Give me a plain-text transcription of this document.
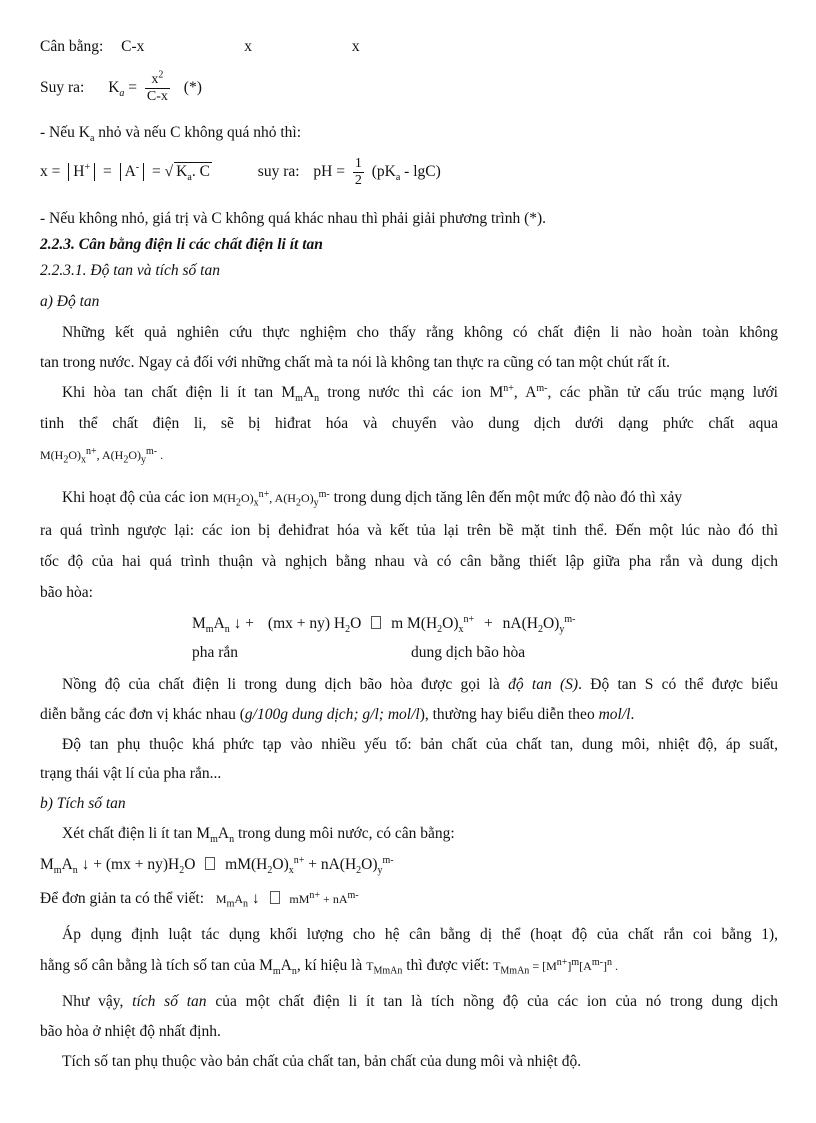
Cân bằng: C-x	x	x
Suy ra: $K_a = \frac{x^2}{C-x}$ (*)
- Nếu $K_a$ nhỏ và nếu C không quá nhỏ thì:
x = H+ = A- = √ $K_a$. C	suy ra: pH = $\frac{1}{2} (pK_a - \lg C)$
- Nếu không nhỏ, giá trị và C không quá khác nhau thì phải giải phương trình (*).
2.2.3. Cân bằng điện li các chất điện li ít tan
2.2.3.1. Độ tan và tích số tan
a) Độ tan
Những kết quả nghiên cứu thực nghiệm cho thấy rằng không có chất điện li nào hoàn toàn không
tan trong nước. Ngay cả đối với những chất mà ta nói là không tan thực ra cũng có tan một chút rất ít.
Khi hòa tan chất điện li ít $\tan M_mA_n$ trong nước thì các ion $M^{n+}$, $A^{m-}$, các phần tử cấu trúc mạng lưới
tinh thể chất điện li, sẽ bị hiđrat hóa và chuyển vào dung dịch dưới dạng phức chất aqua
$M(H_2O)_x^{n+}$, $A(H_2O)_y^{m-}$ .
Khi hoạt độ của các ion $M(H_2O)_x^{n+}$, $A(H_2O)_y^{m-}$ trong dung dịch tăng lên đến một mức độ nào đó thì xảy
ra quá trình ngược lại: các ion bị đehiđrat hóa và kết tủa lại trên bề mặt tinh thể. Đến một lúc nào đó thì
tốc độ của hai quá trình thuận và nghịch bằng nhau và có cân bằng thiết lập giữa pha rắn và dung dịch
bão hòa:
$M_mA_n$ ↓ + (mx + ny) $H_2O$ m $M(H_2O)_x^{n+} + nA(H_2O)_y^{m-}$
pha rắn	dung dịch bão hòa
Nồng độ của chất điện li trong dung dịch bão hòa được gọi là độ tan (S). Độ tan S có thể được biểu
diễn bằng các đơn vị khác nhau (g/100g dung dịch; g/l; mol/l), thường hay biểu diễn theo mol/l.
Độ tan phụ thuộc khá phức tạp vào nhiều yếu tố: bản chất của chất tan, dung môi, nhiệt độ, áp suất,
trạng thái vật lí của pha rắn...
b) Tích số tan
Xét chất điện li ít $\tan M_mA_n$ trong dung môi nước, có cân bằng:
$M_mA_n$ ↓ + $(mx + ny)H_2O$ $mM(H_2O)_x^{n+} + nA(H_2O)_y^{m-}$
Để đơn giản ta có thể viết: $M_mA_n$ ↓ $mM^{n+} + nA^{m-}$
Áp dụng định luật tác dụng khối lượng cho hệ cân bằng dị thể (hoạt độ của chất rắn coi bằng 1),
hằng số cân bằng là tích số tan của $M_mA_n$, kí hiệu là $T_{MmAn}$ thì được viết: $T_{MmAn} = [M^{n+}]^m[A^{m-}]^n$ .
Như vậy, tích số tan của một chất điện li ít tan là tích nồng độ của các ion của nó trong dung dịch
bão hòa ở nhiệt độ nhất định.
Tích số tan phụ thuộc vào bản chất của chất tan, bản chất của dung môi và nhiệt độ.
